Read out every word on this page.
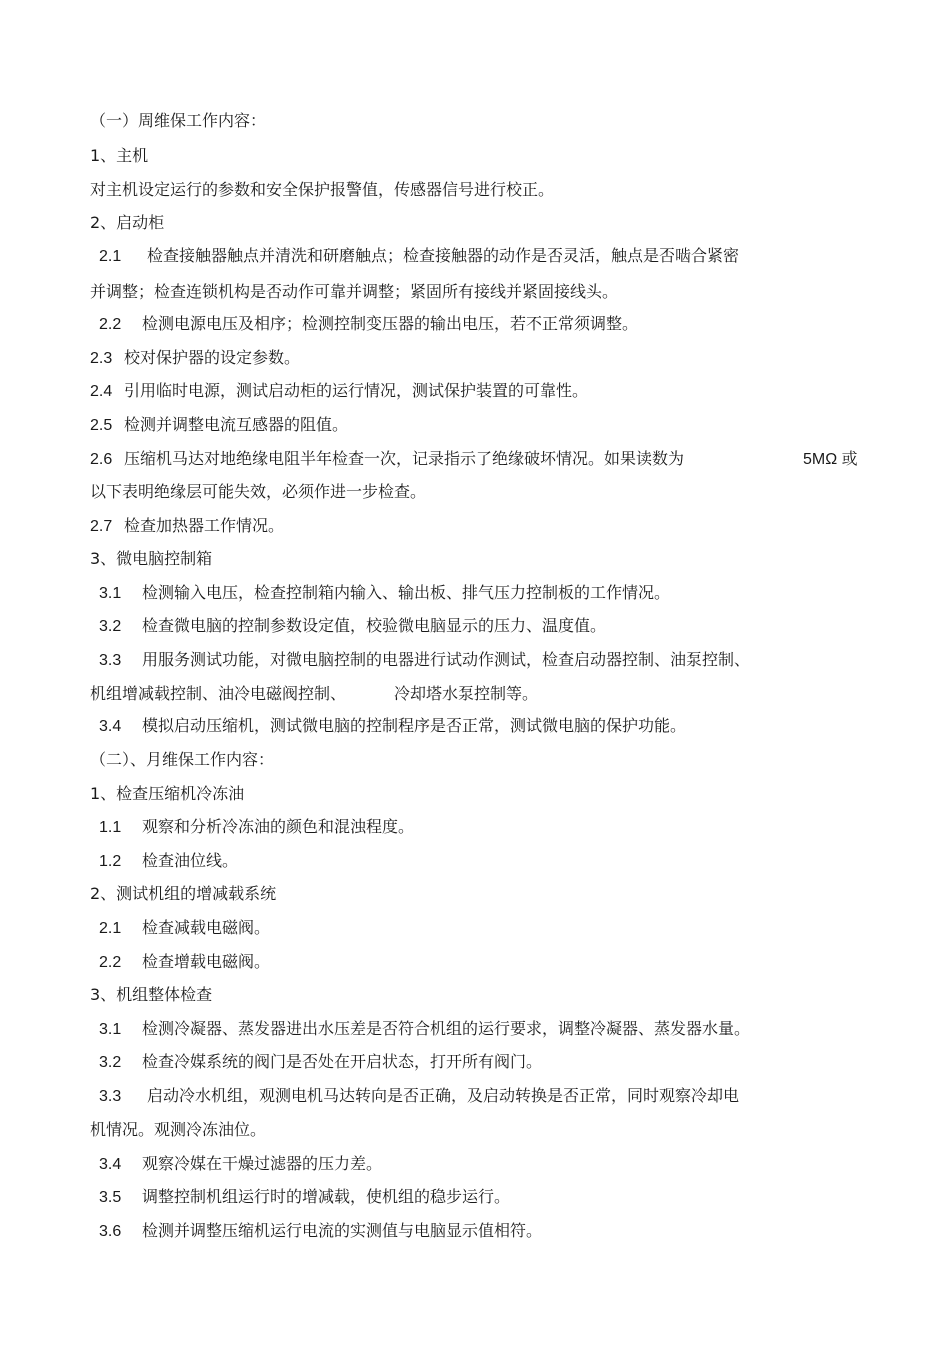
（一）周维保工作内容：
1、主机
对主机设定运行的参数和安全保护报警值，传感器信号进行校正。
2、启动柜
2.1 检查接触器触点并清洗和研磨触点；检查接触器的动作是否灵活，触点是否啮合紧密
并调整；检查连锁机构是否动作可靠并调整；紧固所有接线并紧固接线头。
2.2 检测电源电压及相序；检测控制变压器的输出电压，若不正常须调整。
2.3 校对保护器的设定参数。
2.4 引用临时电源，测试启动柜的运行情况，测试保护装置的可靠性。
2.5 检测并调整电流互感器的阻值。
2.6 压缩机马达对地绝缘电阻半年检查一次，记录指示了绝缘破坏情况。如果读数为	5MΩ 或
以下表明绝缘层可能失效，必须作进一步检查。
2.7 检查加热器工作情况。
3、微电脑控制箱
3.1 检测输入电压，检查控制箱内输入、输出板、排气压力控制板的工作情况。
3.2 检查微电脑的控制参数设定值，校验微电脑显示的压力、温度值。
3.3 用服务测试功能，对微电脑控制的电器进行试动作测试，检查启动器控制、油泵控制、
机组增减载控制、油冷电磁阀控制、	冷却塔水泵控制等。
3.4 模拟启动压缩机，测试微电脑的控制程序是否正常，测试微电脑的保护功能。
（二）、月维保工作内容：
1、检查压缩机冷冻油
1.1 观察和分析冷冻油的颜色和混浊程度。
1.2 检查油位线。
2、测试机组的增减载系统
2.1 检查减载电磁阀。
2.2 检查增载电磁阀。
3、机组整体检查
3.1 检测冷凝器、蒸发器进出水压差是否符合机组的运行要求，调整冷凝器、蒸发器水量。
3.2 检查冷媒系统的阀门是否处在开启状态，打开所有阀门。
3.3 启动冷水机组，观测电机马达转向是否正确，及启动转换是否正常，同时观察冷却电
机情况。观测冷冻油位。
3.4 观察冷媒在干燥过滤器的压力差。
3.5 调整控制机组运行时的增减载，使机组的稳步运行。
3.6 检测并调整压缩机运行电流的实测值与电脑显示值相符。
